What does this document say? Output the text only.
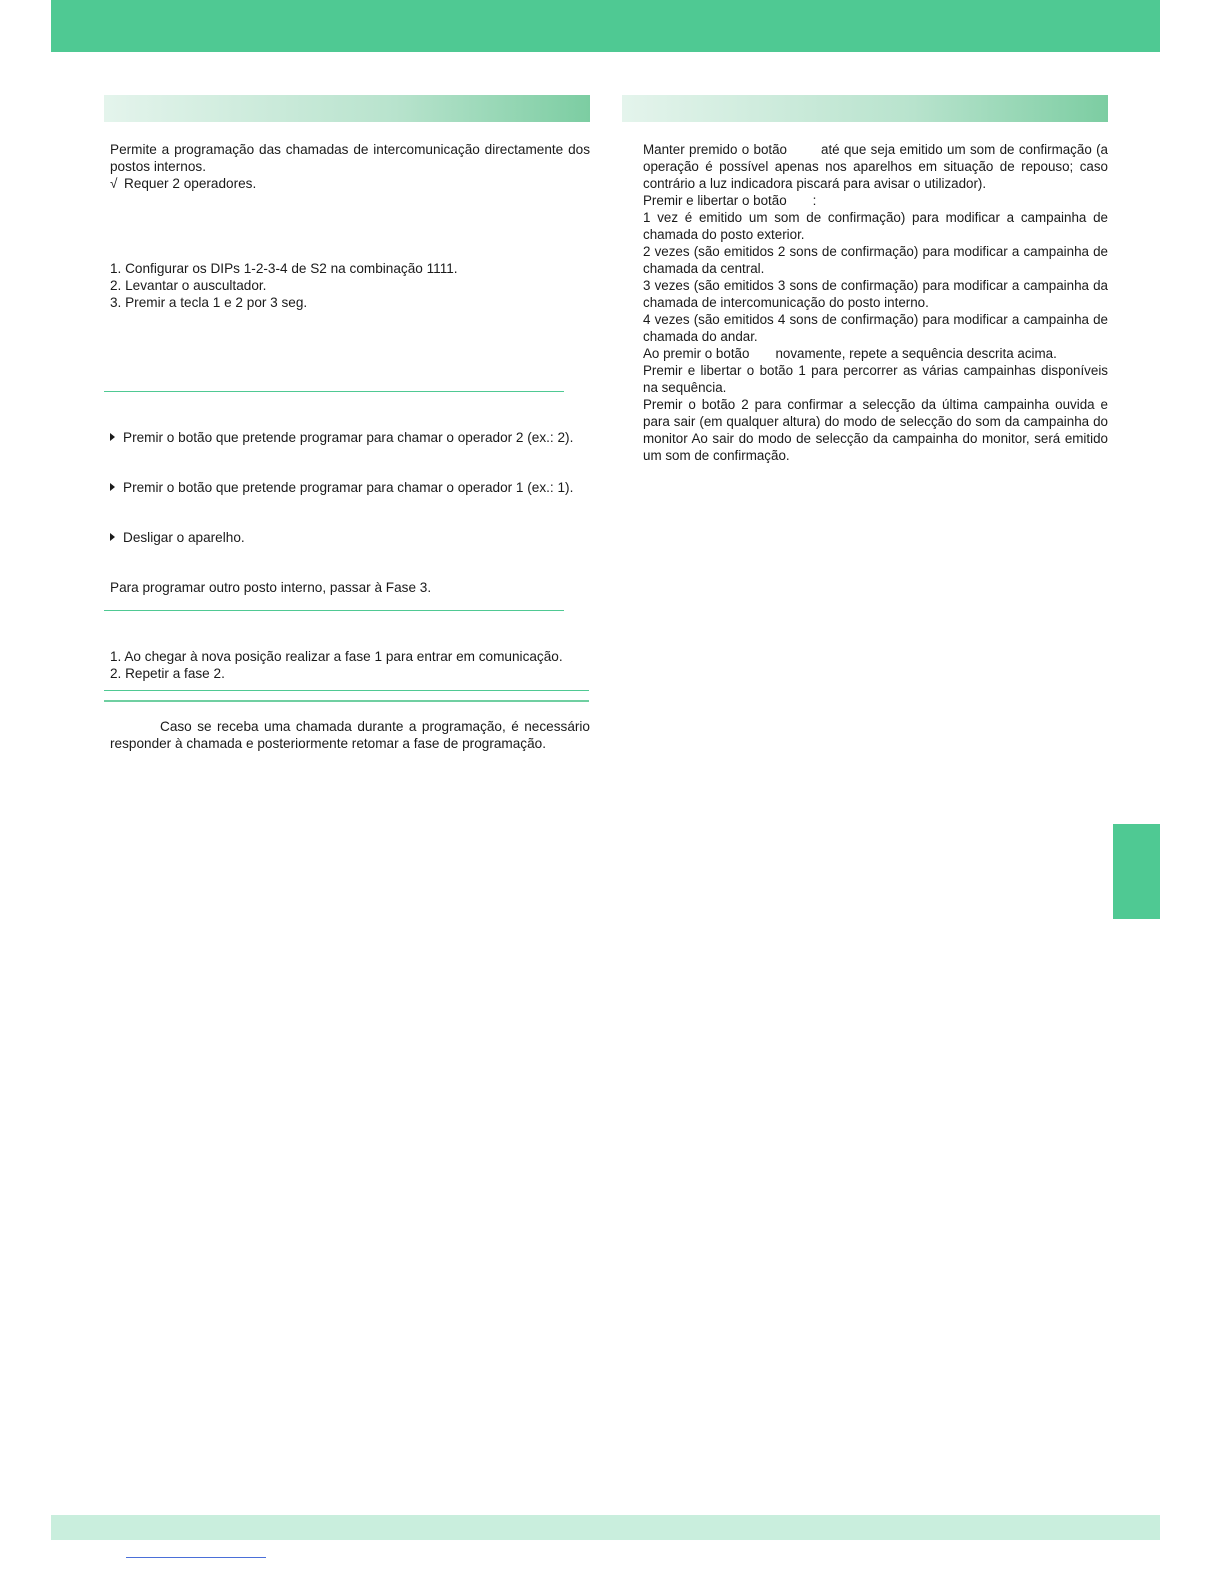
Permite a programação das chamadas de intercomunicação directamente dos postos internos.

√ Requer 2 operadores.

1. Configurar os DIPs 1-2-3-4 de S2 na combinação 1111.

2. Levantar o auscultador.

3. Premir a tecla 1 e 2 por 3 seg.

Premir o botão que pretende programar para chamar o operador 2 (ex.: 2).

Premir o botão que pretende programar para chamar o operador 1 (ex.: 1).

Desligar o aparelho.

Para programar outro posto interno, passar à Fase 3.

1. Ao chegar à nova posição realizar a fase 1 para entrar em comunicação.

2. Repetir a fase 2.

Caso se receba uma chamada durante a programação, é necessário responder à chamada e posteriormente retomar a fase de programação.

Manter premido o botão	até que seja emitido um som de confirmação (a operação é possível apenas nos aparelhos em situação de repouso; caso contrário a luz indicadora piscará para avisar o utilizador).

Premir e libertar o botão :

1 vez é emitido um som de confirmação) para modificar a campainha de chamada do posto exterior.

2 vezes (são emitidos 2 sons de confirmação) para modificar a campainha de chamada da central.

3 vezes (são emitidos 3 sons de confirmação) para modificar a campainha da chamada de intercomunicação do posto interno.

4 vezes (são emitidos 4 sons de confirmação) para modificar a campainha de chamada do andar.

Ao premir o botão novamente, repete a sequência descrita acima.

Premir e libertar o botão 1 para percorrer as várias campainhas disponíveis na sequência.

Premir o botão 2 para confirmar a selecção da última campainha ouvida e para sair (em qualquer altura) do modo de selecção do som da campainha do monitor Ao sair do modo de selecção da campainha do monitor, será emitido um som de confirmação.
